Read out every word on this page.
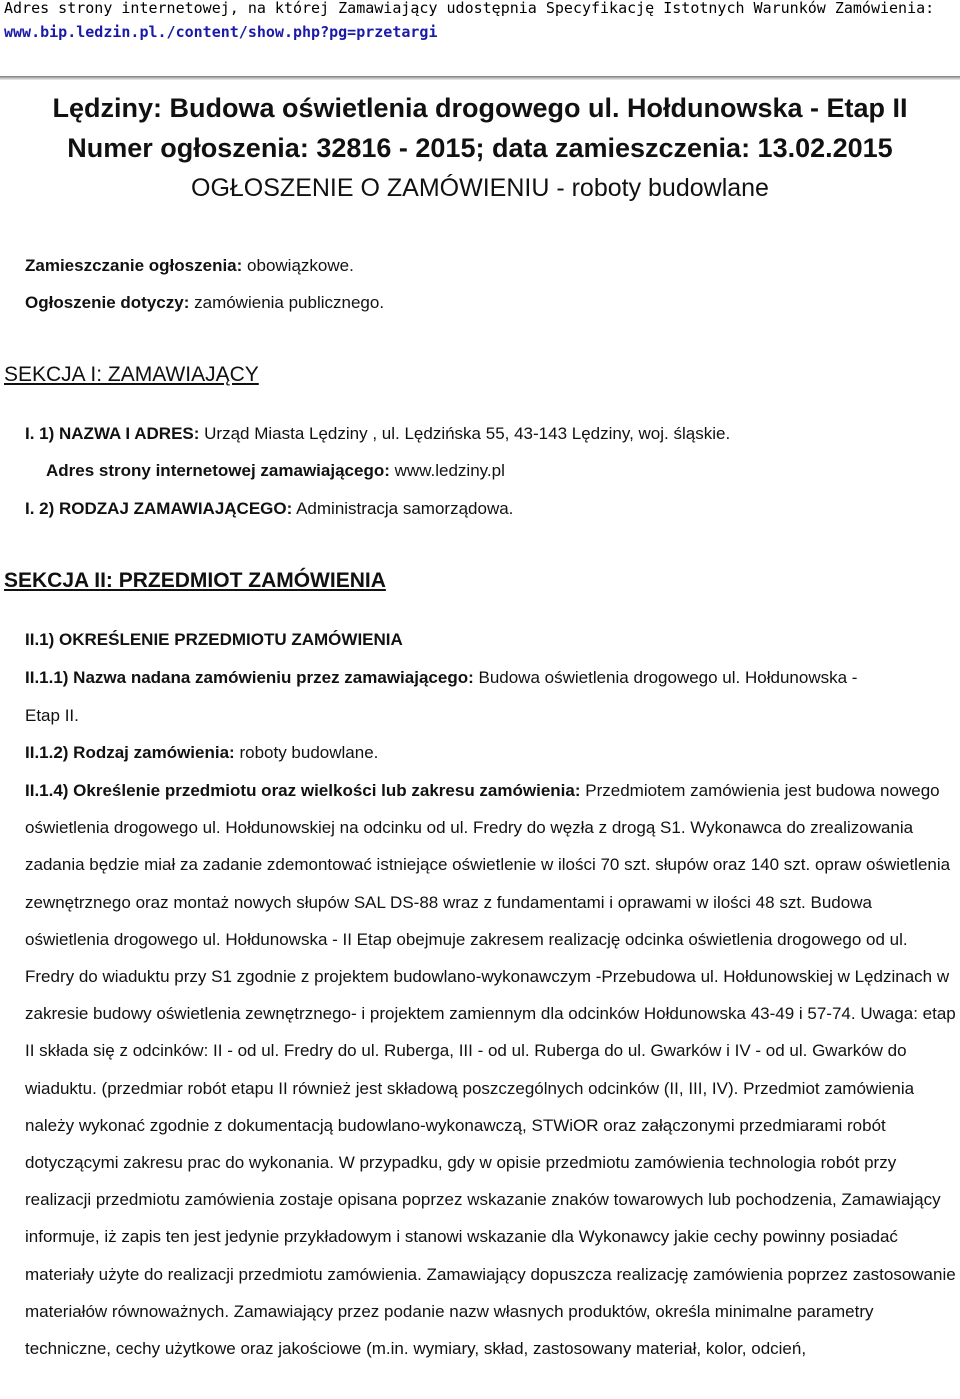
Adres strony internetowej, na której Zamawiający udostępnia Specyfikację Istotnych Warunków Zamówienia:
www.bip.ledzin.pl./content/show.php?pg=przetargi
Lędziny: Budowa oświetlenia drogowego ul. Hołdunowska - Etap II
Numer ogłoszenia: 32816 - 2015; data zamieszczenia: 13.02.2015
OGŁOSZENIE O ZAMÓWIENIU - roboty budowlane
Zamieszczanie ogłoszenia: obowiązkowe.
Ogłoszenie dotyczy: zamówienia publicznego.
SEKCJA I: ZAMAWIAJĄCY
I. 1) NAZWA I ADRES: Urząd Miasta Lędziny , ul. Lędzińska 55, 43-143 Lędziny, woj. śląskie.
Adres strony internetowej zamawiającego: www.ledziny.pl
I. 2) RODZAJ ZAMAWIAJĄCEGO: Administracja samorządowa.
SEKCJA II: PRZEDMIOT ZAMÓWIENIA
II.1) OKREŚLENIE PRZEDMIOTU ZAMÓWIENIA
II.1.1) Nazwa nadana zamówieniu przez zamawiającego: Budowa oświetlenia drogowego ul. Hołdunowska -
Etap II.
II.1.2) Rodzaj zamówienia: roboty budowlane.
II.1.4) Określenie przedmiotu oraz wielkości lub zakresu zamówienia: Przedmiotem zamówienia jest budowa nowego oświetlenia drogowego ul. Hołdunowskiej na odcinku od ul. Fredry do węzła z drogą S1. Wykonawca do zrealizowania zadania będzie miał za zadanie zdemontować istniejące oświetlenie w ilości 70 szt. słupów oraz 140 szt. opraw oświetlenia zewnętrznego oraz montaż nowych słupów SAL DS-88 wraz z fundamentami i oprawami w ilości 48 szt. Budowa oświetlenia drogowego ul. Hołdunowska - II Etap obejmuje zakresem realizację odcinka oświetlenia drogowego od ul. Fredry do wiaduktu przy S1 zgodnie z projektem budowlano-wykonawczym -Przebudowa ul. Hołdunowskiej w Lędzinach w zakresie budowy oświetlenia zewnętrznego- i projektem zamiennym dla odcinków Hołdunowska 43-49 i 57-74. Uwaga: etap II składa się z odcinków: II - od ul. Fredry do ul. Ruberga, III - od ul. Ruberga do ul. Gwarków i IV - od ul. Gwarków do wiaduktu. (przedmiar robót etapu II również jest składową poszczególnych odcinków (II, III, IV). Przedmiot zamówienia należy wykonać zgodnie z dokumentacją budowlano-wykonawczą, STWiOR oraz załączonymi przedmiarami robót dotyczącymi zakresu prac do wykonania. W przypadku, gdy w opisie przedmiotu zamówienia technologia robót przy realizacji przedmiotu zamówienia zostaje opisana poprzez wskazanie znaków towarowych lub pochodzenia, Zamawiający informuje, iż zapis ten jest jedynie przykładowym i stanowi wskazanie dla Wykonawcy jakie cechy powinny posiadać materiały użyte do realizacji przedmiotu zamówienia. Zamawiający dopuszcza realizację zamówienia poprzez zastosowanie materiałów równoważnych. Zamawiający przez podanie nazw własnych produktów, określa minimalne parametry techniczne, cechy użytkowe oraz jakościowe (m.in. wymiary, skład, zastosowany materiał, kolor, odcień,
